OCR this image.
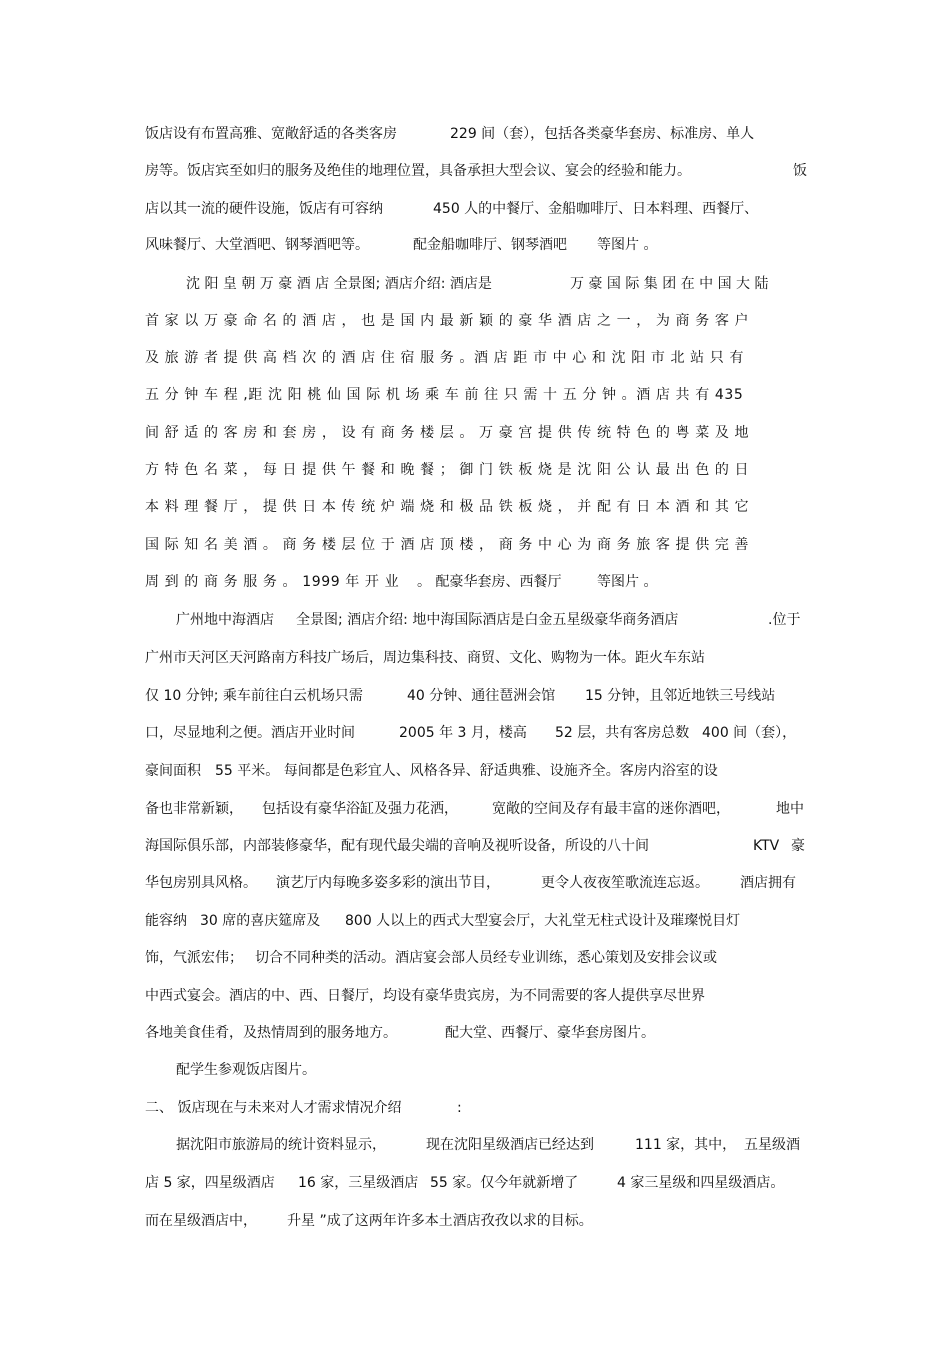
饭店设有布置高雅、宽敞舒适的各类客房	229 间（套），包括各类豪华套房、标准房、单人
房等。饭店宾至如归的服务及绝佳的地理位置，具备承担大型会议、宴会的经验和能力。	饭
店以其一流的硬件设施，饭店有可容纳	450 人的中餐厅、金船咖啡厅、日本料理、西餐厅、
风味餐厅、大堂酒吧、钢琴酒吧等。	配金船咖啡厅、钢琴酒吧 等图片 。
沈 阳 皇 朝 万 豪 酒 店 全景图; 酒店介绍: 酒店是	万 豪 国 际 集 团 在 中 国 大 陆
首 家 以 万 豪 命 名 的 酒 店 ， 也 是 国 内 最 新 颖 的 豪 华 酒 店 之 一 ， 为 商 务 客 户
及 旅 游 者 提 供 高 档 次 的 酒 店 住 宿 服 务 。酒 店 距 市 中 心 和 沈 阳 市 北 站 只 有
五 分 钟 车 程 ,距 沈 阳 桃 仙 国 际 机 场 乘 车 前 往 只 需 十 五 分 钟 。酒 店 共 有 435
间 舒 适 的 客 房 和 套 房 ， 设 有 商 务 楼 层 。 万 豪 宫 提 供 传 统 特 色 的 粤 菜 及 地
方 特 色 名 菜 ， 每 日 提 供 午 餐 和 晚 餐 ； 御 门 铁 板 烧 是 沈 阳 公 认 最 出 色 的 日
本 料 理 餐 厅 ， 提 供 日 本 传 统 炉 端 烧 和 极 品 铁 板 烧 ， 并 配 有 日 本 酒 和 其 它
国 际 知 名 美 酒 。 商 务 楼 层 位 于 酒 店 顶 楼 ， 商 务 中 心 为 商 务 旅 客 提 供 完 善
周 到 的 商 务 服 务 。 1999 年 开 业 。 配豪华套房、西餐厅	等图片 。
广州地中海酒店 全景图; 酒店介绍: 地中海国际酒店是白金五星级豪华商务酒店	.位于
广州市天河区天河路南方科技广场后，周边集科技、商贸、文化、购物为一体。距火车东站
仅 10 分钟; 乘车前往白云机场只需	40 分钟、通往琶洲会馆 15 分钟，且邻近地铁三号线站
口，尽显地利之便。酒店开业时间	2005 年 3 月，楼高 52 层，共有客房总数 400 间（套），
豪间面积 55 平米。 每间都是色彩宜人、风格各异、舒适典雅、设施齐全。客房内浴室的设
备也非常新颖， 包括设有豪华浴缸及强力花洒， 宽敞的空间及存有最丰富的迷你酒吧，	地中
海国际俱乐部，内部装修豪华，配有现代最尖端的音响及视听设备，所设的八十间	KTV 豪
华包房别具风格。 演艺厅内每晚多姿多彩的演出节目，	更令人夜夜笙歌流连忘返。 酒店拥有
能容纳 30 席的喜庆筵席及 800 人以上的西式大型宴会厅，大礼堂无柱式设计及璀璨悦目灯
饰，气派宏伟； 切合不同种类的活动。酒店宴会部人员经专业训练，悉心策划及安排会议或
中西式宴会。酒店的中、西、日餐厅，均设有豪华贵宾房，为不同需要的客人提供享尽世界
各地美食佳肴，及热情周到的服务地方。	配大堂、西餐厅、豪华套房图片。
配学生参观饭店图片。
二、 饭店现在与未来对人才需求情况介绍	:
据沈阳市旅游局的统计资料显示，	现在沈阳星级酒店已经达到	111 家，其中， 五星级酒
店 5 家，四星级酒店 16 家，三星级酒店 55 家。仅今年就新增了	4 家三星级和四星级酒店。
而在星级酒店中， 升星 ”成了这两年许多本土酒店孜孜以求的目标。
